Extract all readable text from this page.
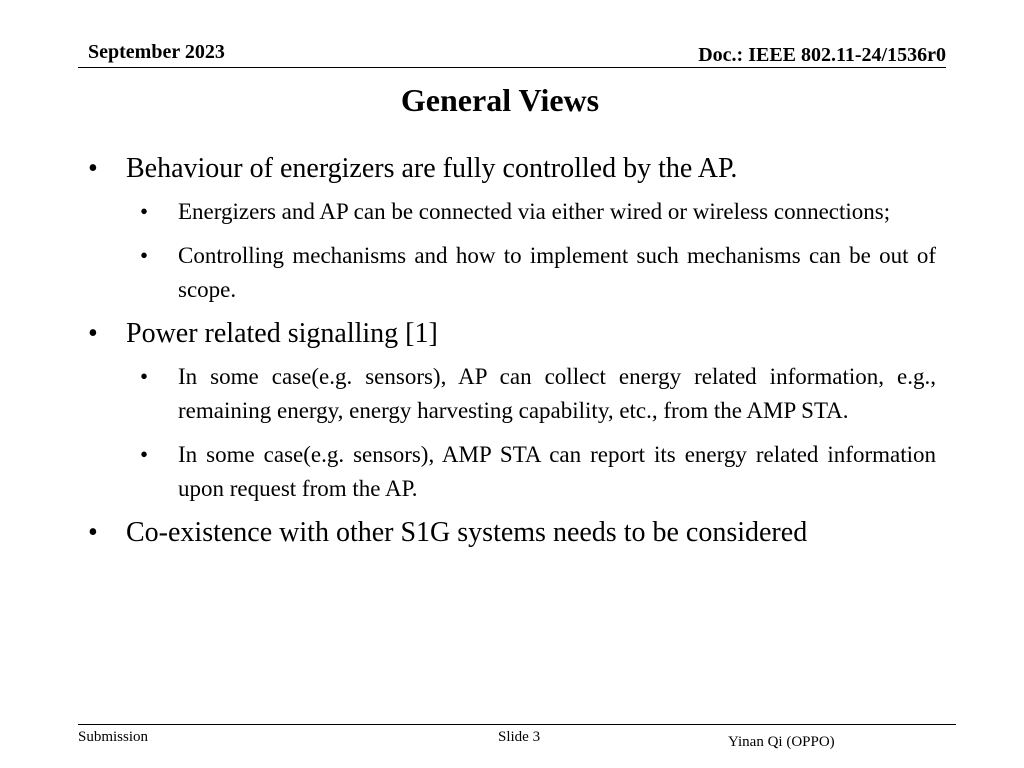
September 2023	Doc.: IEEE 802.11-24/1536r0
General Views
•	Behaviour of energizers are fully controlled by the AP.
•	Energizers and AP can be connected via either wired or wireless connections;
•	Controlling mechanisms and how to implement such mechanisms can be out of scope.
•	Power related signalling [1]
•	In some case(e.g. sensors), AP can collect energy related information, e.g., remaining energy, energy harvesting capability, etc., from the AMP STA.
•	In some case(e.g. sensors), AMP STA can report its energy related information upon request from the AP.
•	Co-existence with other S1G systems needs to be considered
Submission	Slide 3	Yinan Qi (OPPO)
